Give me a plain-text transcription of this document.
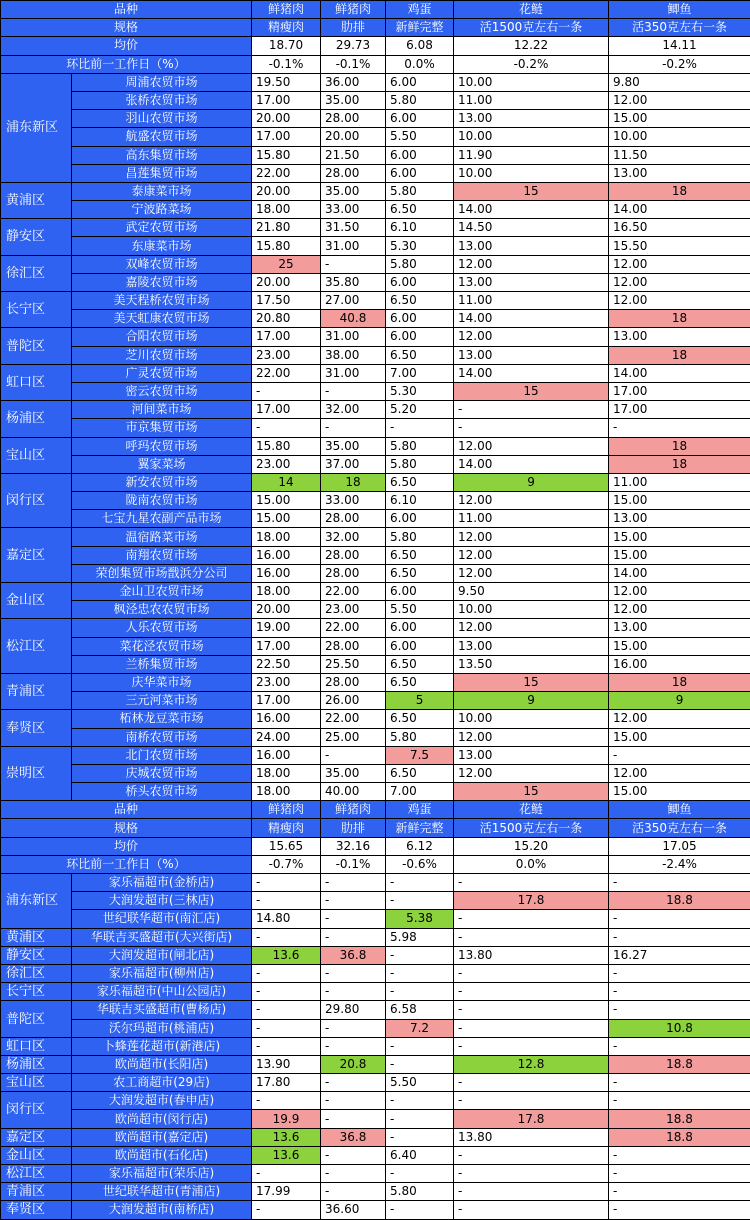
品种		鲜猪肉	鲜猪肉	鸡蛋	花鲢	鲫鱼
规格		精瘦肉	肋排	新鲜完整	活1500克左右一条	活350克左右一条
均价		18.70	29.73	6.08	12.22	14.11
环比前一工作日（%）		-0.1%	-0.1%	0.0%	-0.2%	-0.2%
浦东新区	周浦农贸市场	19.50	36.00	6.00	10.00	9.80
	张桥农贸市场	17.00	35.00	5.80	11.00	12.00
	羽山农贸市场	20.00	28.00	6.00	13.00	15.00
	航盛农贸市场	17.00	20.00	5.50	10.00	10.00
	高东集贸市场	15.80	21.50	6.00	11.90	11.50
	昌莲集贸市场	22.00	28.00	6.00	10.00	13.00
黄浦区	泰康菜市场	20.00	35.00	5.80	15	18
	宁波路菜场	18.00	33.00	6.50	14.00	14.00
静安区	武定农贸市场	21.80	31.50	6.10	14.50	16.50
	东康菜市场	15.80	31.00	5.30	13.00	15.50
徐汇区	双峰农贸市场	25	-	5.80	12.00	12.00
	嘉陵农贸市场	20.00	35.80	6.00	13.00	12.00
长宁区	美天程桥农贸市场	17.50	27.00	6.50	11.00	12.00
	美天虹康农贸市场	20.80	40.8	6.00	14.00	18
普陀区	合阳农贸市场	17.00	31.00	6.00	12.00	13.00
	芝川农贸市场	23.00	38.00	6.50	13.00	18
虹口区	广灵农贸市场	22.00	31.00	7.00	14.00	14.00
	密云农贸市场	-	-	5.30	15	17.00
杨浦区	河间菜市场	17.00	32.00	5.20	-	17.00
	市京集贸市场	-	-	-	-	-
宝山区	呼玛农贸市场	15.80	35.00	5.80	12.00	18
	翼家菜场	23.00	37.00	5.80	14.00	18
闵行区	新安农贸市场	14	18	6.50	9	11.00
	陇南农贸市场	15.00	33.00	6.10	12.00	15.00
	七宝九星农副产品市场	15.00	28.00	6.00	11.00	13.00
嘉定区	温宿路菜市场	18.00	32.00	5.80	12.00	15.00
	南翔农贸市场	16.00	28.00	6.50	12.00	15.00
	荣创集贸市场戬浜分公司	16.00	28.00	6.50	12.00	14.00
金山区	金山卫农贸市场	18.00	22.00	6.00	9.50	12.00
	枫泾忠农农贸市场	20.00	23.00	5.50	10.00	12.00
松江区	人乐农贸市场	19.00	22.00	6.00	12.00	13.00
	菜花泾农贸市场	17.00	28.00	6.00	13.00	15.00
	兰桥集贸市场	22.50	25.50	6.50	13.50	16.00
青浦区	庆华菜市场	23.00	28.00	6.50	15	18
	三元河菜市场	17.00	26.00	5	9	9
奉贤区	柘林龙豆菜市场	16.00	22.00	6.50	10.00	12.00
	南桥农贸市场	24.00	25.00	5.80	12.00	15.00
崇明区	北门农贸市场	16.00	-	7.5	13.00	-
	庆城农贸市场	18.00	35.00	6.50	12.00	12.00
	桥头农贸市场	18.00	40.00	7.00	15	15.00
品种		鲜猪肉	鲜猪肉	鸡蛋	花鲢	鲫鱼
规格		精瘦肉	肋排	新鲜完整	活1500克左右一条	活350克左右一条
均价		15.65	32.16	6.12	15.20	17.05
环比前一工作日（%）		-0.7%	-0.1%	-0.6%	0.0%	-2.4%
浦东新区	家乐福超市(金桥店)	-	-	-	-	-
	大润发超市(三林店)	-	-	-	17.8	18.8
	世纪联华超市(南汇店)	14.80	-	5.38	-	-
黄浦区	华联吉买盛超市(大兴街店)	-	-	5.98	-	-
静安区	大润发超市(闸北店)	13.6	36.8	-	13.80	16.27
徐汇区	家乐福超市(柳州店)	-	-	-	-	-
长宁区	家乐福超市(中山公园店)	-	-	-	-	-
普陀区	华联吉买盛超市(曹杨店)	-	29.80	6.58	-	-
	沃尔玛超市(桃浦店)	-	-	7.2	-	10.8
虹口区	卜蜂莲花超市(新港店)	-	-	-	-	-
杨浦区	欧尚超市(长阳店)	13.90	20.8	-	12.8	18.8
宝山区	农工商超市(29店)	17.80	-	5.50	-	-
闵行区	大润发超市(春申店)	-	-	-	-	-
	欧尚超市(闵行店)	19.9	-	-	17.8	18.8
嘉定区	欧尚超市(嘉定店)	13.6	36.8	-	13.80	18.8
金山区	欧尚超市(石化店)	13.6	-	6.40	-	-
松江区	家乐福超市(荣乐店)	-	-	-	-	-
青浦区	世纪联华超市(青浦店)	17.99	-	5.80	-	-
奉贤区	大润发超市(南桥店)	-	36.60	-	-	-
